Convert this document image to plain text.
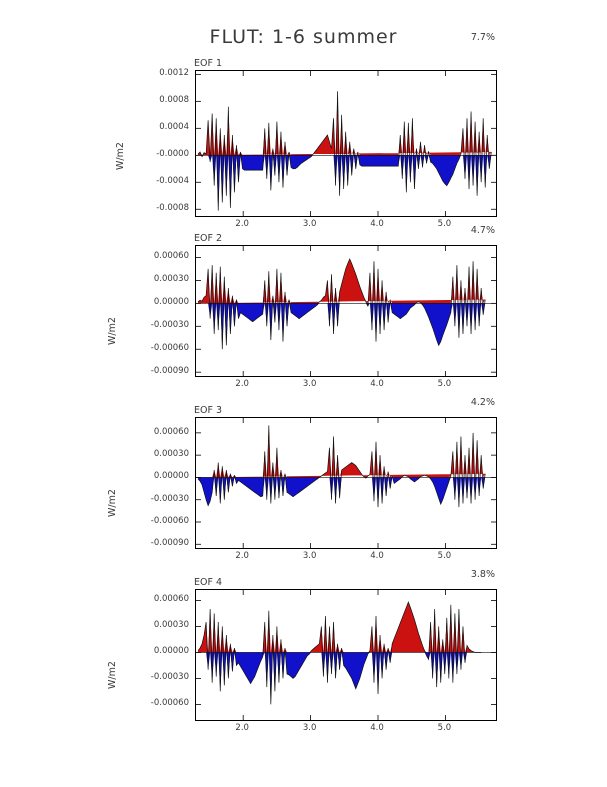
FLUT: 1-6 summer
EOF 1
7.7%
W/m2
-0.0008
-0.0004
-0.0000
0.0004
0.0008
0.0012
2.0	3.0	4.0	5.0
EOF 2
4.7%
W/m2
-0.00090
-0.00060
-0.00030
0.00000
0.00030
0.00060
2.0	3.0	4.0	5.0
EOF 3
4.2%
W/m2
-0.00090
-0.00060
-0.00030
0.00000
0.00030
0.00060
2.0	3.0	4.0	5.0
EOF 4
3.8%
W/m2
-0.00060
-0.00030
0.00000
0.00030
0.00060
2.0	3.0	4.0	5.0
